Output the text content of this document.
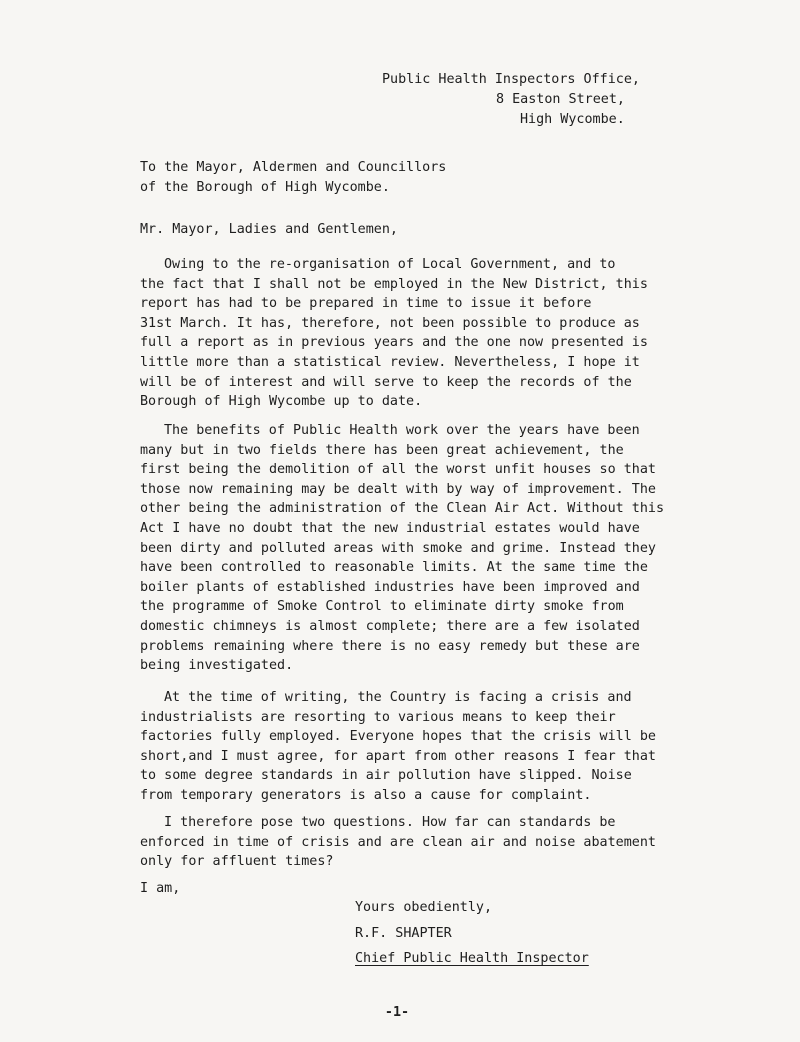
Public Health Inspectors Office,
8 Easton Street,
High Wycombe.
To the Mayor, Aldermen and Councillors
of the Borough of High Wycombe.
Mr. Mayor, Ladies and Gentlemen,
Owing to the re-organisation of Local Government, and to
the fact that I shall not be employed in the New District, this
report has had to be prepared in time to issue it before
31st March. It has, therefore, not been possible to produce as
full a report as in previous years and the one now presented is
little more than a statistical review. Nevertheless, I hope it
will be of interest and will serve to keep the records of the
Borough of High Wycombe up to date.
The benefits of Public Health work over the years have been
many but in two fields there has been great achievement, the
first being the demolition of all the worst unfit houses so that
those now remaining may be dealt with by way of improvement. The
other being the administration of the Clean Air Act. Without this
Act I have no doubt that the new industrial estates would have
been dirty and polluted areas with smoke and grime. Instead they
have been controlled to reasonable limits. At the same time the
boiler plants of established industries have been improved and
the programme of Smoke Control to eliminate dirty smoke from
domestic chimneys is almost complete; there are a few isolated
problems remaining where there is no easy remedy but these are
being investigated.
At the time of writing, the Country is facing a crisis and
industrialists are resorting to various means to keep their
factories fully employed. Everyone hopes that the crisis will be
short,and I must agree, for apart from other reasons I fear that
to some degree standards in air pollution have slipped. Noise
from temporary generators is also a cause for complaint.
I therefore pose two questions. How far can standards be
enforced in time of crisis and are clean air and noise abatement
only for affluent times?
I am,
Yours obediently,
R.F. SHAPTER
Chief Public Health Inspector
-1-
